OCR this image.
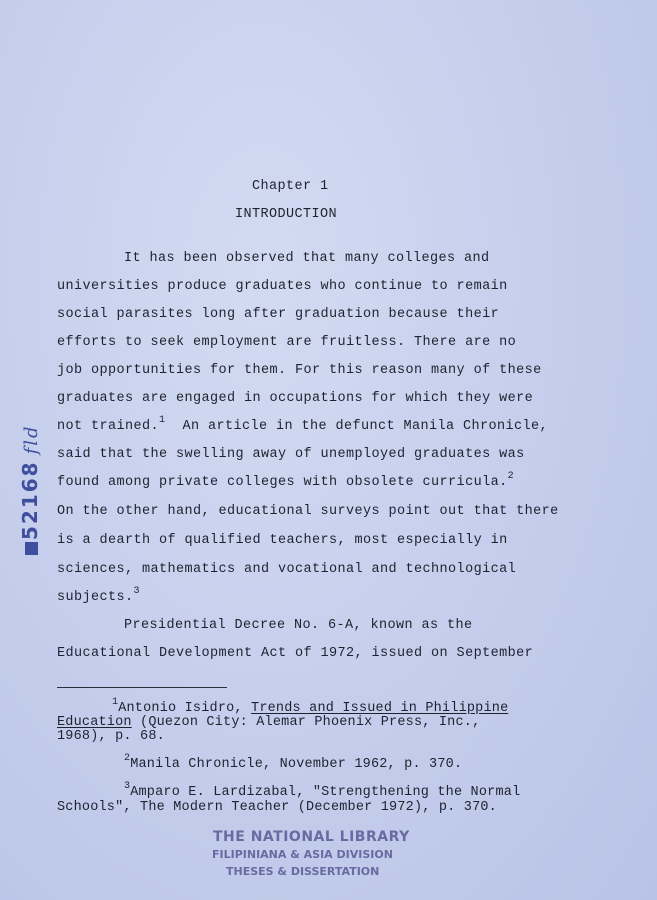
Chapter 1
INTRODUCTION
It has been observed that many colleges and
universities produce graduates who continue to remain
social parasites long after graduation because their
efforts to seek employment are fruitless. There are no
job opportunities for them. For this reason many of these
graduates are engaged in occupations for which they were
not trained.$^1$ An article in the defunct Manila Chronicle,
said that the swelling away of unemployed graduates was
found among private colleges with obsolete curricula.$^2$
On the other hand, educational surveys point out that there
is a dearth of qualified teachers, most especially in
sciences, mathematics and vocational and technological
subjects.$^3$
Presidential Decree No. 6-A, known as the
Educational Development Act of 1972, issued on September
$^1$Antonio Isidro, Trends and Issued in Philippine
Education (Quezon City: Alemar Phoenix Press, Inc.,
1968), p. 68.
$^2$Manila Chronicle, November 1962, p. 370.
$^3$Amparo E. Lardizabal, "Strengthening the Normal
Schools", The Modern Teacher (December 1972), p. 370.
THE NATIONAL LIBRARY
FILIPINIANA & ASIA DIVISION
THESES & DISSERTATION
52168fld
